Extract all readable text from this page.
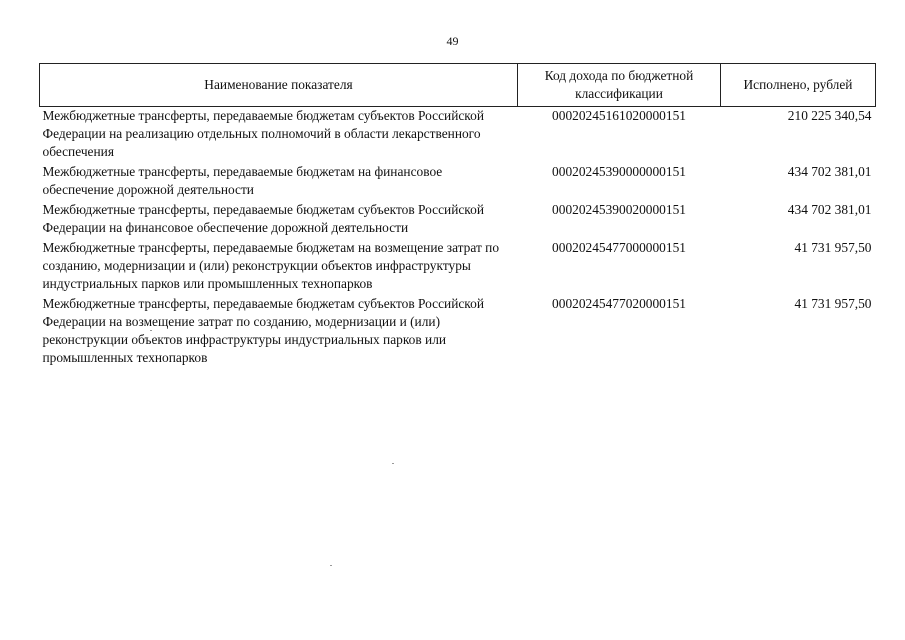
49
Наименование показателя	Код дохода по бюджетной классификации	Исполнено, рублей
Межбюджетные трансферты, передаваемые бюджетам субъектов Российской Федерации на реализацию отдельных полномочий в области лекарственного обеспечения	00020245161020000151	210 225 340,54
Межбюджетные трансферты, передаваемые бюджетам на финансовое обеспечение дорожной деятельности	00020245390000000151	434 702 381,01
Межбюджетные трансферты, передаваемые бюджетам субъектов Российской Федерации на финансовое обеспечение дорожной деятельности	00020245390020000151	434 702 381,01
Межбюджетные трансферты, передаваемые бюджетам на возмещение затрат по созданию, модернизации и (или) реконструкции объектов инфраструктуры индустриальных парков или промышленных технопарков	00020245477000000151	41 731 957,50
Межбюджетные трансферты, передаваемые бюджетам субъектов Российской Федерации на возмещение затрат по созданию, модернизации и (или) реконструкции объектов инфраструктуры индустриальных парков или промышленных технопарков	00020245477020000151	41 731 957,50
